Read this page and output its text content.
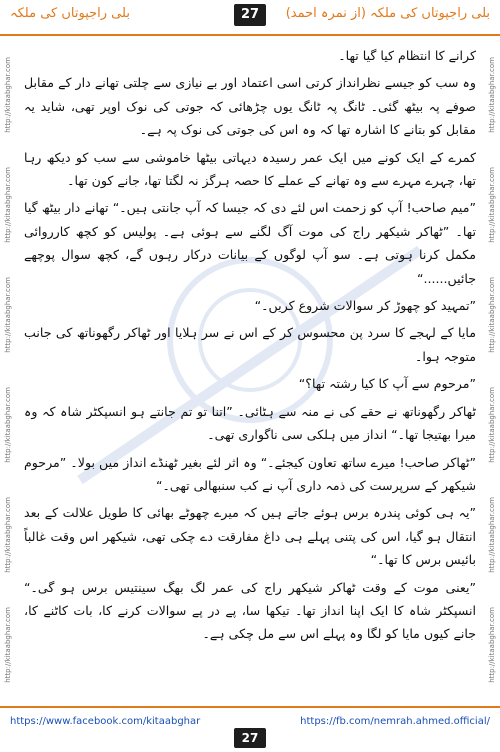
بلی راجپوتاں کی ملکہ	27	بلی راجپوتاں کی ملکہ (از نمرہ احمد)
http://kitaabghar.com
http://kitaabghar.com
http://kitaabghar.com
http://kitaabghar.com
http://kitaabghar.com
http://kitaabghar.com
http://kitaabghar.com
http://kitaabghar.com
http://kitaabghar.com
http://kitaabghar.com
http://kitaabghar.com
http://kitaabghar.com

کرانے کا انتظام کیا گیا تھا۔

وہ سب کو جیسے نظرانداز کرتی اسی اعتماد اور بے نیازی سے چلتی تھانے دار کے مقابل صوفے پہ بیٹھ گئی۔ ٹانگ پہ ٹانگ یوں چڑھائی کہ جوتی کی نوک اوپر تھی، شاید یہ مقابل کو بتانے کا اشارہ تھا کہ وہ اس کی جوتی کی نوک پہ ہے۔

کمرے کے ایک کونے میں ایک عمر رسیدہ دیہاتی بیٹھا خاموشی سے سب کو دیکھ رہا تھا، چہرے مہرے سے وہ تھانے کے عملے کا حصہ ہرگز نہ لگتا تھا، جانے کون تھا۔

”میم صاحب! آپ کو زحمت اس لئے دی کہ جیسا کہ آپ جانتی ہیں۔“ تھانے دار بیٹھ گیا تھا۔ ”ٹھاکر شیکھر راج کی موت آگ لگنے سے ہوئی ہے۔ پولیس کو کچھ کارروائی مکمل کرنا ہوتی ہے۔ سو آپ لوگوں کے بیانات درکار رہوں گے، کچھ سوال پوچھے جائیں......“

”تمہید کو چھوڑ کر سوالات شروع کریں۔“

مایا کے لہجے کا سرد پن محسوس کر کے اس نے سر ہلایا اور ٹھاکر رگھوناتھ کی جانب متوجہ ہوا۔

”مرحوم سے آپ کا کیا رشتہ تھا؟“

ٹھاکر رگھوناتھ نے حقے کی نے منہ سے ہٹائی۔ ”اتنا تو تم جانتے ہو انسپکٹر شاہ کہ وہ میرا بھتیجا تھا۔“ انداز میں ہلکی سی ناگواری تھی۔

”ٹھاکر صاحب! میرے ساتھ تعاون کیجئے۔“ وہ اثر لئے بغیر ٹھنڈے انداز میں بولا۔ ”مرحوم شیکھر کے سرپرست کی ذمہ داری آپ نے کب سنبھالی تھی۔“

”یہ ہی کوئی پندرہ برس ہوئے جاتے ہیں کہ میرے چھوٹے بھائی کا طویل علالت کے بعد انتقال ہو گیا، اس کی پتنی پہلے ہی داغ مفارقت دے چکی تھی، شیکھر اس وقت غالباً بائیس برس کا تھا۔“

”یعنی موت کے وقت ٹھاکر شیکھر راج کی عمر لگ بھگ سینتیس برس ہو گی۔“ انسپکٹر شاہ کا ایک اپنا انداز تھا۔ تیکھا سا، پے در پے سوالات کرنے کا، بات کاٹنے کا، جانے کیوں مایا کو لگا وہ پہلے اس سے مل چکی ہے۔

https://www.facebook.com/kitaabghar
27
https://fb.com/nemrah.ahmed.official/
